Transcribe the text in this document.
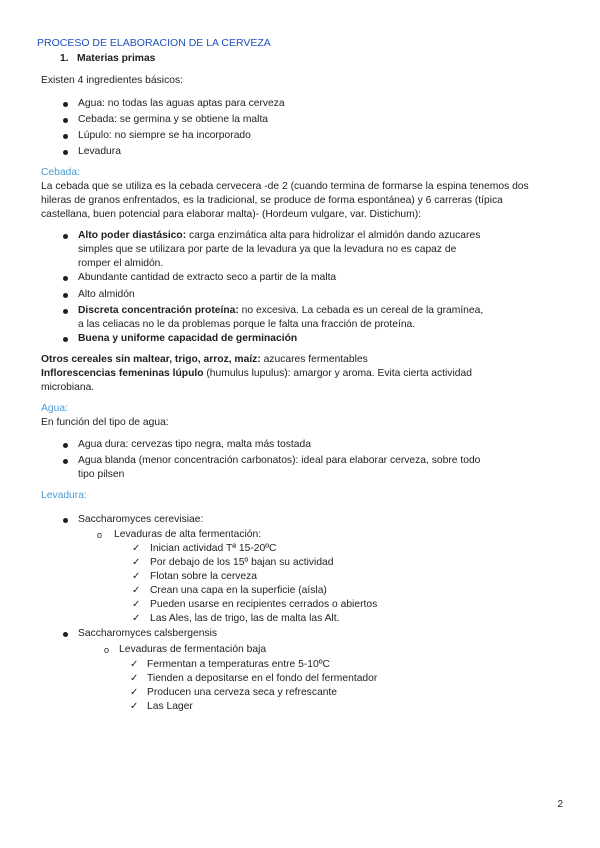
PROCESO DE ELABORACION DE LA CERVEZA
1. Materias primas
Existen 4 ingredientes básicos:
Agua: no todas las aguas aptas para cerveza
Cebada: se germina y se obtiene la malta
Lúpulo: no siempre se ha incorporado
Levadura
Cebada:
La cebada que se utiliza es la cebada cervecera -de 2 (cuando termina de formarse la espina tenemos dos
hileras de granos enfrentados, es la tradicional, se produce de forma espontánea) y 6 carreras (típica
castellana, buen potencial para elaborar malta)- (Hordeum vulgare, var. Distichum):
Alto poder diastásico: carga enzimática alta para hidrolizar el almidón dando azucares
simples que se utilizara por parte de la levadura ya que la levadura no es capaz de
romper el almidón.
Abundante cantidad de extracto seco a partir de la malta
Alto almidón
Discreta concentración proteína: no excesiva. La cebada es un cereal de la gramínea,
a las celiacas no le da problemas porque le falta una fracción de proteína.
Buena y uniforme capacidad de germinación
Otros cereales sin maltear, trigo, arroz, maíz: azucares fermentables
Inflorescencias femeninas lúpulo (humulus lupulus): amargor y aroma. Evita cierta actividad
microbiana.
Agua:
En función del tipo de agua:
Agua dura: cervezas tipo negra, malta más tostada
Agua blanda (menor concentración carbonatos): ideal para elaborar cerveza, sobre todo
tipo pilsen
Levadura:
Saccharomyces cerevisiae:
o Levaduras de alta fermentación:
✓ Inician actividad Tª 15-20ºC
✓ Por debajo de los 15º bajan su actividad
✓ Flotan sobre la cerveza
✓ Crean una capa en la superficie (aísla)
✓ Pueden usarse en recipientes cerrados o abiertos
✓ Las Ales, las de trigo, las de malta las Alt.
Saccharomyces calsbergensis
o Levaduras de fermentación baja
✓ Fermentan a temperaturas entre 5-10ºC
✓ Tienden a depositarse en el fondo del fermentador
✓ Producen una cerveza seca y refrescante
✓ Las Lager
2
